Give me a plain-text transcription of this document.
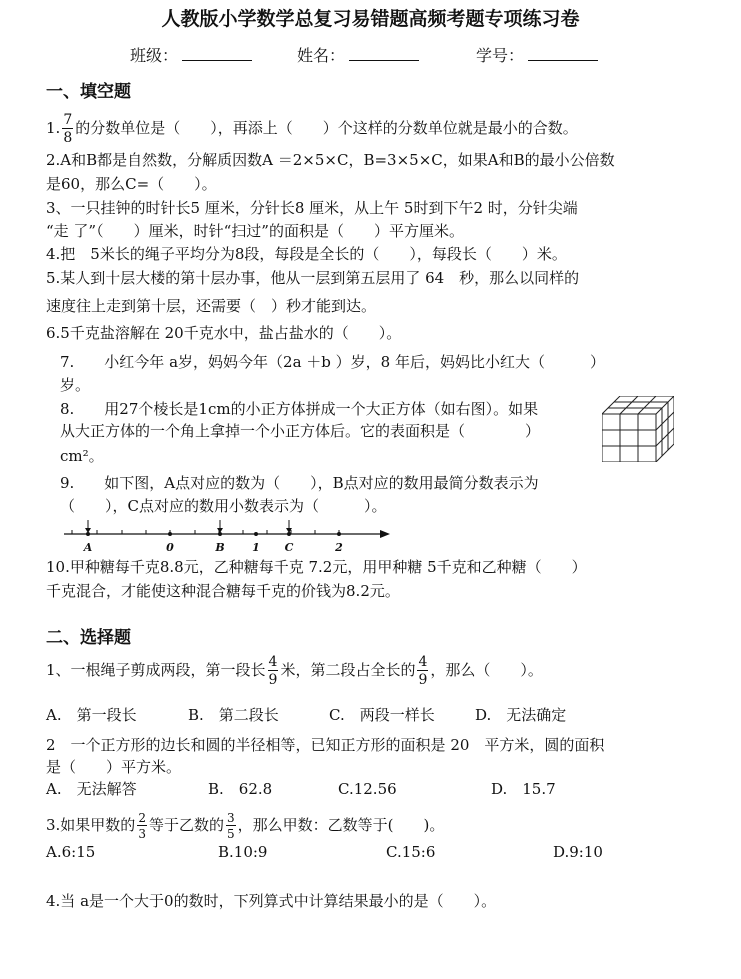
人教版小学数学总复习易错题高频考题专项练习卷
班级：	姓名：	学号：
一、填空题
1. $\frac{7}{8}$ 的分数单位是（　　），再添上（　　）个这样的分数单位就是最小的合数。
2.A和B都是自然数，分解质因数A ＝2×5×C，B=3×5×C，如果A和B的最小公倍数
是60，那么C=（　　）。
3、一只挂钟的时针长5 厘米，分针长8 厘米，从上午 5时到下午2 时，分针尖端
“走 了”（　　）厘米，时针“扫过”的面积是（　　）平方厘米。
4.把　5米长的绳子平均分为8段，每段是全长的（　　），每段长（　　）米。
5.某人到十层大楼的第十层办事，他从一层到第五层用了 64　秒，那么以同样的
速度往上走到第十层，还需要（　）秒才能到达。
6.5千克盐溶解在 20千克水中，盐占盐水的（　　）。
7.　　小红今年 a岁，妈妈今年（2a ＋b ）岁，8 年后，妈妈比小红大（　　　）
岁。
8.　　用27个棱长是1cm的小正方体拼成一个大正方体（如右图）。如果
从大正方体的一个角上拿掉一个小正方体后。它的表面积是（　　　　）
cm²。
9.　　如下图，A点对应的数为（　　），B点对应的数用最简分数表示为
（　　），C点对应的数用小数表示为（　　　）。
A	0	B	1 C	2
10.甲种糖每千克8.8元，乙种糖每千克 7.2元，用甲种糖 5千克和乙种糖（　　）
千克混合，才能使这种混合糖每千克的价钱为8.2元。
二、选择题
1、一根绳子剪成两段，第一段长 $\frac{4}{9}$ 米，第二段占全长的 $\frac{4}{9}$ ，那么（　　）。
A.　第一段长	B.　第二段长	C.　两段一样长	D.　无法确定
2　一个正方形的边长和圆的半径相等，已知正方形的面积是 20　平方米，圆的面积
是（　　）平方米。
A.　无法解答	B.　62.8	C.12.56	D.　15.7
3.如果甲数的 $\frac{2}{3}$ 等于乙数的 $\frac{3}{5}$ ，那么甲数：乙数等于(　　)。
A.6:15	B.10:9	C.15:6	D.9:10
4.当 a是一个大于0的数时，下列算式中计算结果最小的是（　　）。
